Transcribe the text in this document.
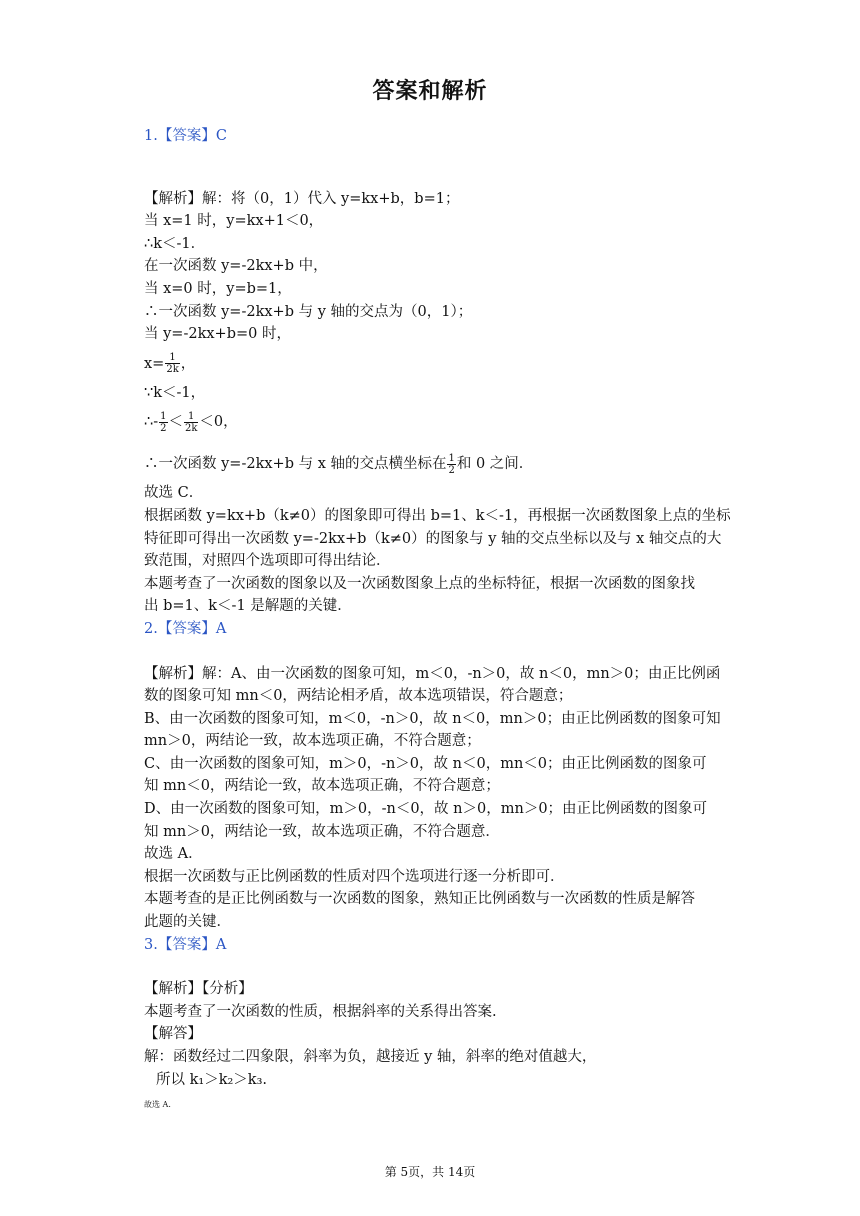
答案和解析
1.【答案】C
【解析】解：将（0，1）代入 y=kx+b，b=1；
当 x=1 时，y=kx+1＜0，
∴k＜-1．
在一次函数 y=-2kx+b 中，
当 x=0 时，y=b=1，
∴一次函数 y=-2kx+b 与 y 轴的交点为（0，1）；
当 y=-2kx+b=0 时，
$x= \frac{1}{2k}$ ，
∵k＜-1，
∴- $\frac{1}{2} < \frac{1}{2k} <0$，
∴一次函数 y=-2kx+b 与 x 轴的交点横坐标在 $\frac{1}{2}$ 和 0 之间．
故选 C．
根据函数 y=kx+b（k≠0）的图象即可得出 b=1、k＜-1，再根据一次函数图象上点的坐标
特征即可得出一次函数 y=-2kx+b（k≠0）的图象与 y 轴的交点坐标以及与 x 轴交点的大
致范围，对照四个选项即可得出结论．
本题考查了一次函数的图象以及一次函数图象上点的坐标特征，根据一次函数的图象找
出 b=1、k＜-1 是解题的关键．
2.【答案】A
【解析】解：A、由一次函数的图象可知，m＜0，-n＞0，故 n＜0，mn＞0；由正比例函
数的图象可知 mn＜0，两结论相矛盾，故本选项错误，符合题意；
B、由一次函数的图象可知，m＜0，-n＞0，故 n＜0，mn＞0；由正比例函数的图象可知
mn＞0，两结论一致，故本选项正确，不符合题意；
C、由一次函数的图象可知，m＞0，-n＞0，故 n＜0，mn＜0；由正比例函数的图象可
知 mn＜0，两结论一致，故本选项正确，不符合题意；
D、由一次函数的图象可知，m＞0，-n＜0，故 n＞0，mn＞0；由正比例函数的图象可
知 mn＞0，两结论一致，故本选项正确，不符合题意．
故选 A．
根据一次函数与正比例函数的性质对四个选项进行逐一分析即可．
本题考查的是正比例函数与一次函数的图象，熟知正比例函数与一次函数的性质是解答
此题的关键．
3.【答案】A
【解析】【分析】
本题考查了一次函数的性质，根据斜率的关系得出答案.
【解答】
解：函数经过二四象限，斜率为负，越接近 y 轴，斜率的绝对值越大，
所以 k₁＞k₂＞k₃.
故选 A.
第 5页，共 14页
